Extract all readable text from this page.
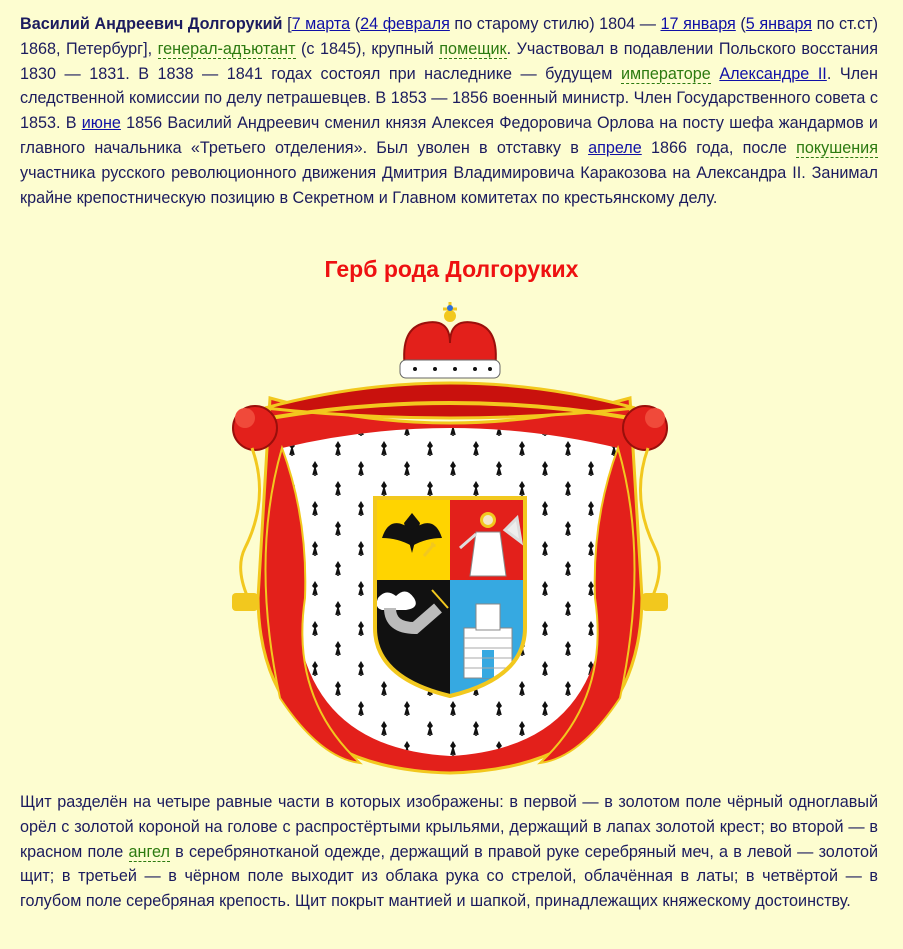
Василий Андреевич Долгорукий [7 марта (24 февраля по старому стилю) 1804 — 17 января (5 января по ст.ст) 1868, Петербург], генерал-адъютант (с 1845), крупный помещик. Участвовал в подавлении Польского восстания 1830 — 1831. В 1838 — 1841 годах состоял при наследнике — будущем императоре Александре II. Член следственной комиссии по делу петрашевцев. В 1853 — 1856 военный министр. Член Государственного совета с 1853. В июне 1856 Василий Андреевич сменил князя Алексея Федоровича Орлова на посту шефа жандармов и главного начальника «Третьего отделения». Был уволен в отставку в апреле 1866 года, после покушения участника русского революционного движения Дмитрия Владимировича Каракозова на Александра II. Занимал крайне крепостническую позицию в Секретном и Главном комитетах по крестьянскому делу.

Герб рода Долгоруких

Щит разделён на четыре равные части в которых изображены: в первой — в золотом поле чёрный одноглавый орёл с золотой короной на голове с распростёртыми крыльями, держащий в лапах золотой крест; во второй — в красном поле ангел в серебрянотканой одежде, держащий в правой руке серебряный меч, а в левой — золотой щит; в третьей — в чёрном поле выходит из облака рука со стрелой, облачённая в латы; в четвёртой — в голубом поле серебряная крепость. Щит покрыт мантией и шапкой, принадлежащих княжескому достоинству.
